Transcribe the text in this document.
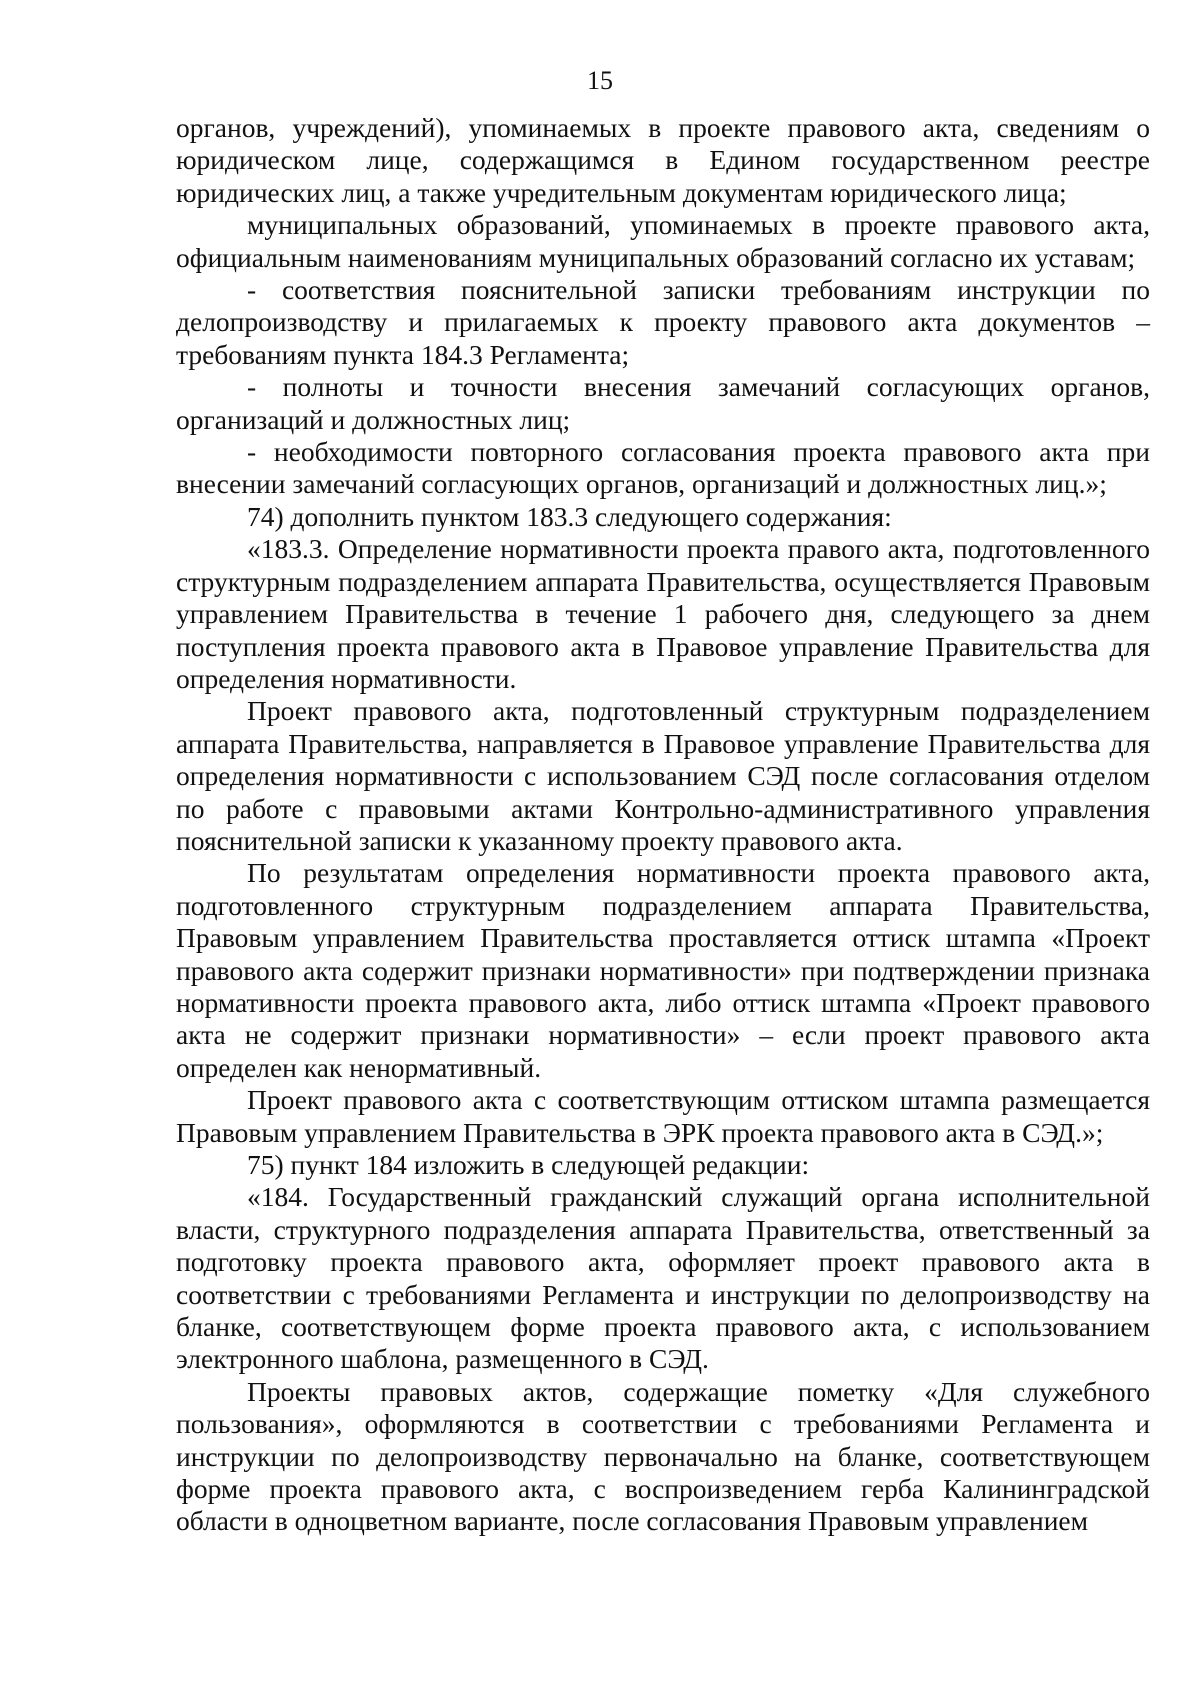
15

органов, учреждений), упоминаемых в проекте правового акта, сведениям о юридическом лице, содержащимся в Едином государственном реестре юридических лиц, а также учредительным документам юридического лица;

муниципальных образований, упоминаемых в проекте правового акта, официальным наименованиям муниципальных образований согласно их уставам;

- соответствия пояснительной записки требованиям инструкции по делопроизводству и прилагаемых к проекту правового акта документов – требованиям пункта 184.3 Регламента;

- полноты и точности внесения замечаний согласующих органов, организаций и должностных лиц;

- необходимости повторного согласования проекта правового акта при внесении замечаний согласующих органов, организаций и должностных лиц.»;

74) дополнить пунктом 183.3 следующего содержания:

«183.3. Определение нормативности проекта правого акта, подготовленного структурным подразделением аппарата Правительства, осуществляется Правовым управлением Правительства в течение 1 рабочего дня, следующего за днем поступления проекта правового акта в Правовое управление Правительства для определения нормативности.

Проект правового акта, подготовленный структурным подразделением аппарата Правительства, направляется в Правовое управление Правительства для определения нормативности с использованием СЭД после согласования отделом по работе с правовыми актами Контрольно-административного управления пояснительной записки к указанному проекту правового акта.

По результатам определения нормативности проекта правового акта, подготовленного структурным подразделением аппарата Правительства, Правовым управлением Правительства проставляется оттиск штампа «Проект правового акта содержит признаки нормативности» при подтверждении признака нормативности проекта правового акта, либо оттиск штампа «Проект правового акта не содержит признаки нормативности» – если проект правового акта определен как ненормативный.

Проект правового акта с соответствующим оттиском штампа размещается Правовым управлением Правительства в ЭРК проекта правового акта в СЭД.»;

75) пункт 184 изложить в следующей редакции:

«184. Государственный гражданский служащий органа исполнительной власти, структурного подразделения аппарата Правительства, ответственный за подготовку проекта правового акта, оформляет проект правового акта в соответствии с требованиями Регламента и инструкции по делопроизводству на бланке, соответствующем форме проекта правового акта, с использованием электронного шаблона, размещенного в СЭД.

Проекты правовых актов, содержащие пометку «Для служебного пользования», оформляются в соответствии с требованиями Регламента и инструкции по делопроизводству первоначально на бланке, соответствующем форме проекта правового акта, с воспроизведением герба Калининградской области в одноцветном варианте, после согласования Правовым управлением
